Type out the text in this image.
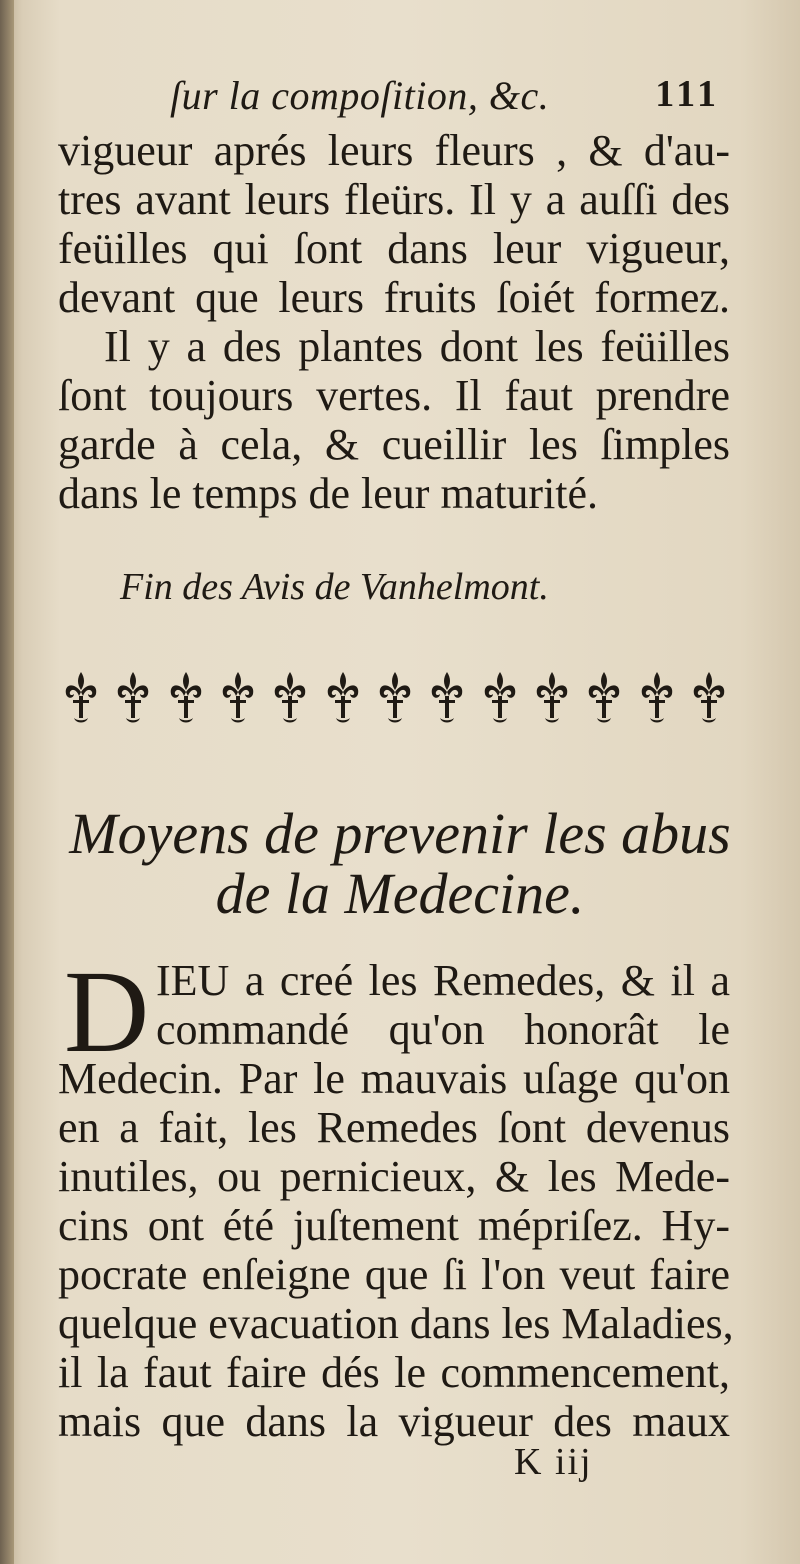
ſur la compoſition, &c.	111
vigueur aprés leurs fleurs , & d'au-
tres avant leurs fleürs. Il y a auſſi des
feüilles qui ſont dans leur vigueur,
devant que leurs fruits ſoiét formez.
Il y a des plantes dont les feüilles
ſont toujours vertes. Il faut prendre
garde à cela, & cueillir les ſimples
dans le temps de leur maturité.
Fin des Avis de Vanhelmont.
Moyens de prevenir les abus
de la Medecine.
D IEU a creé les Remedes, & il a
commandé qu'on honorât le
Medecin. Par le mauvais uſage qu'on
en a fait, les Remedes ſont devenus
inutiles, ou pernicieux, & les Mede-
cins ont été juſtement mépriſez. Hy-
pocrate enſeigne que ſi l'on veut faire
quelque evacuation dans les Maladies,
il la faut faire dés le commencement,
mais que dans la vigueur des maux
K iij
